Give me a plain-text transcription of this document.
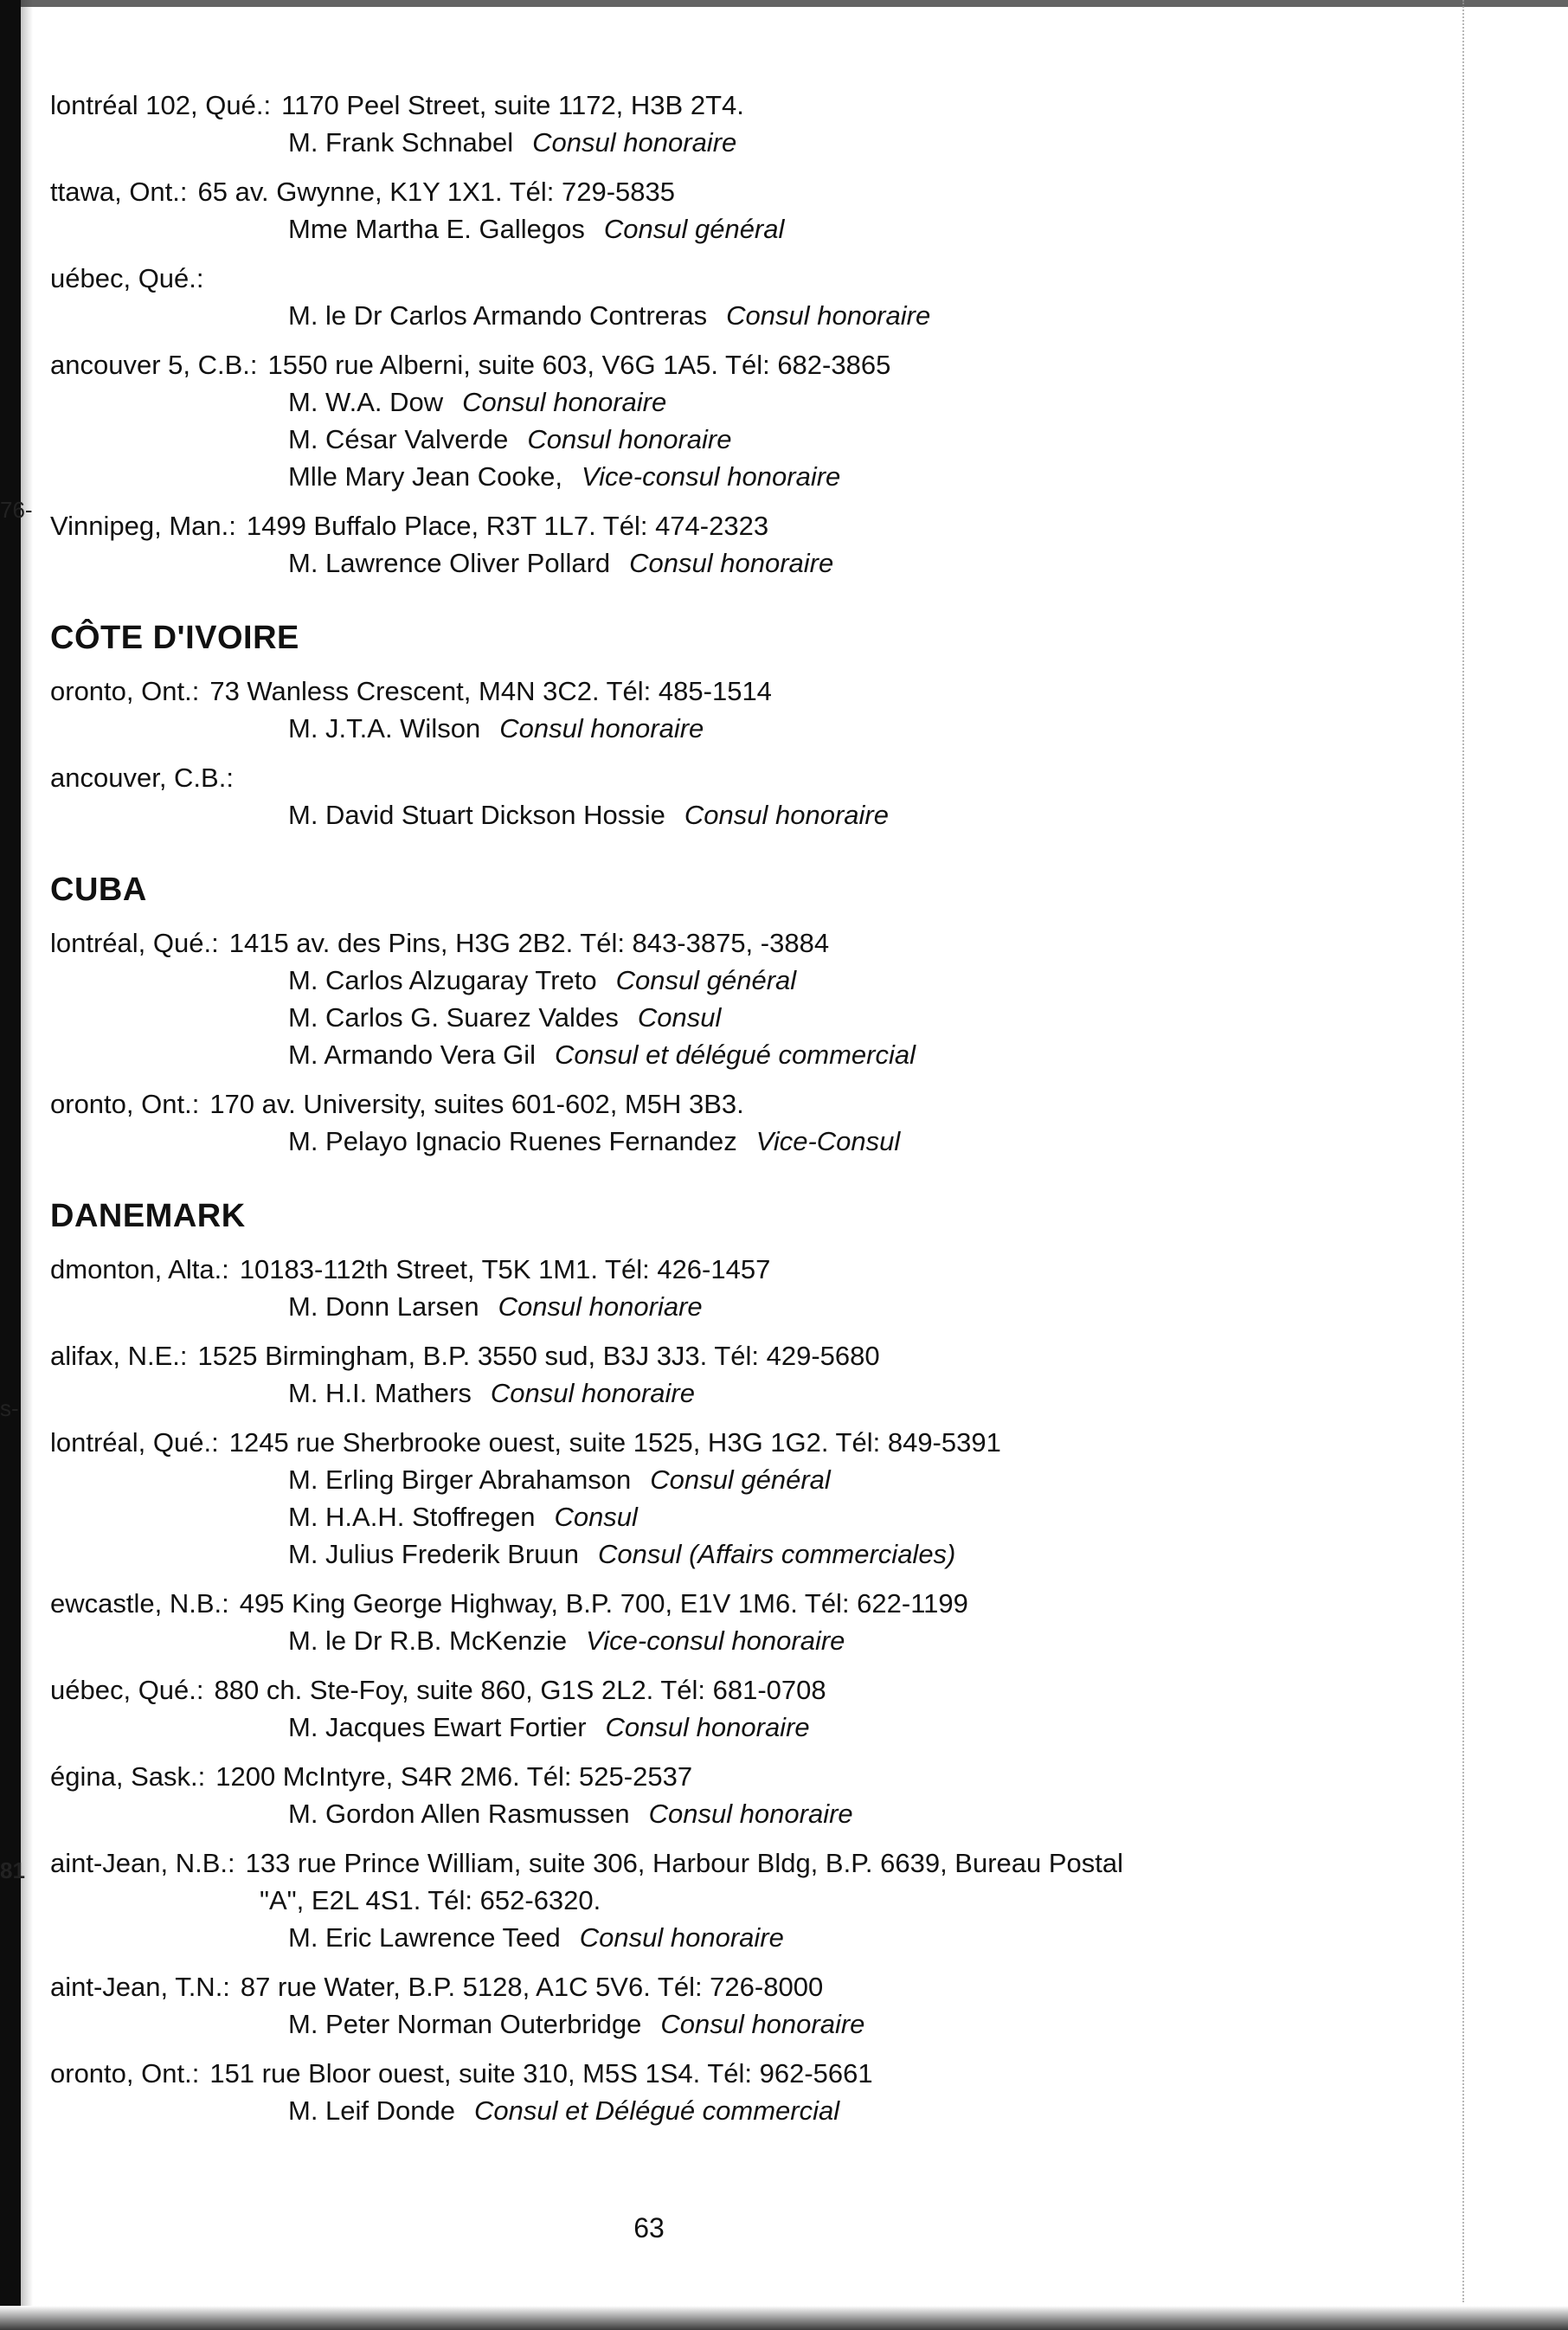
76-
s-
81
lontréal 102, Qué.: 1170 Peel Street, suite 1172, H3B 2T4.
M. Frank Schnabel Consul honoraire
ttawa, Ont.: 65 av. Gwynne, K1Y 1X1. Tél: 729-5835
Mme Martha E. Gallegos Consul général
uébec, Qué.:
M. le Dr Carlos Armando Contreras Consul honoraire
ancouver 5, C.B.: 1550 rue Alberni, suite 603, V6G 1A5. Tél: 682-3865
M. W.A. Dow Consul honoraire
M. César Valverde Consul honoraire
Mlle Mary Jean Cooke, Vice-consul honoraire
Vinnipeg, Man.: 1499 Buffalo Place, R3T 1L7. Tél: 474-2323
M. Lawrence Oliver Pollard Consul honoraire
CÔTE D'IVOIRE
oronto, Ont.: 73 Wanless Crescent, M4N 3C2. Tél: 485-1514
M. J.T.A. Wilson Consul honoraire
ancouver, C.B.:
M. David Stuart Dickson Hossie Consul honoraire
CUBA
lontréal, Qué.: 1415 av. des Pins, H3G 2B2. Tél: 843-3875, -3884
M. Carlos Alzugaray Treto Consul général
M. Carlos G. Suarez Valdes Consul
M. Armando Vera Gil Consul et délégué commercial
oronto, Ont.: 170 av. University, suites 601-602, M5H 3B3.
M. Pelayo Ignacio Ruenes Fernandez Vice-Consul
DANEMARK
dmonton, Alta.: 10183-112th Street, T5K 1M1. Tél: 426-1457
M. Donn Larsen Consul honoriare
alifax, N.E.: 1525 Birmingham, B.P. 3550 sud, B3J 3J3. Tél: 429-5680
M. H.I. Mathers Consul honoraire
lontréal, Qué.: 1245 rue Sherbrooke ouest, suite 1525, H3G 1G2. Tél: 849-5391
M. Erling Birger Abrahamson Consul général
M. H.A.H. Stoffregen Consul
M. Julius Frederik Bruun Consul (Affairs commerciales)
ewcastle, N.B.: 495 King George Highway, B.P. 700, E1V 1M6. Tél: 622-1199
M. le Dr R.B. McKenzie Vice-consul honoraire
uébec, Qué.: 880 ch. Ste-Foy, suite 860, G1S 2L2. Tél: 681-0708
M. Jacques Ewart Fortier Consul honoraire
égina, Sask.: 1200 McIntyre, S4R 2M6. Tél: 525-2537
M. Gordon Allen Rasmussen Consul honoraire
aint-Jean, N.B.: 133 rue Prince William, suite 306, Harbour Bldg, B.P. 6639, Bureau Postal
"A", E2L 4S1. Tél: 652-6320.
M. Eric Lawrence Teed Consul honoraire
aint-Jean, T.N.: 87 rue Water, B.P. 5128, A1C 5V6. Tél: 726-8000
M. Peter Norman Outerbridge Consul honoraire
oronto, Ont.: 151 rue Bloor ouest, suite 310, M5S 1S4. Tél: 962-5661
M. Leif Donde Consul et Délégué commercial
63
